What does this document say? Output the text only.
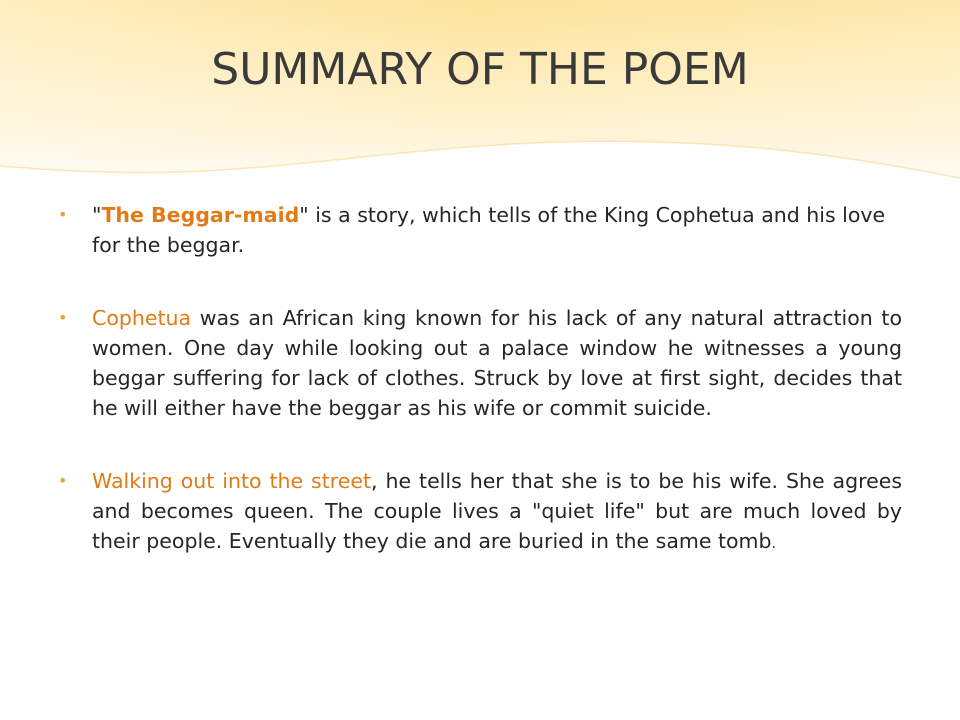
SUMMARY OF THE POEM

• "The Beggar-maid" is a story, which tells of the King Cophetua and his love for the beggar.

• Cophetua was an African king known for his lack of any natural attraction to women. One day while looking out a palace window he witnesses a young beggar suffering for lack of clothes. Struck by love at first sight, decides that he will either have the beggar as his wife or commit suicide.

• Walking out into the street, he tells her that she is to be his wife. She agrees and becomes queen. The couple lives a "quiet life" but are much loved by their people. Eventually they die and are buried in the same tomb.
